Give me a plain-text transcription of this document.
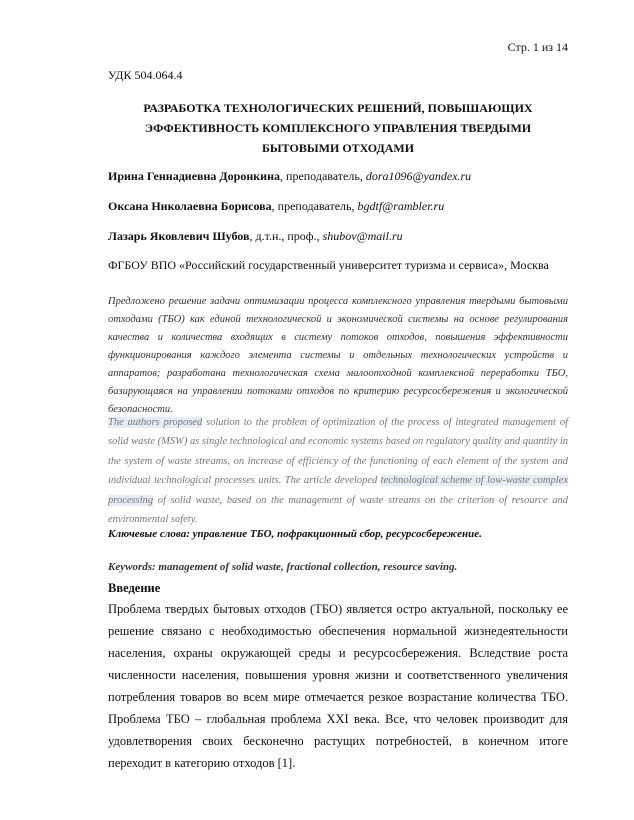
Стр. 1 из 14
УДК 504.064.4
РАЗРАБОТКА ТЕХНОЛОГИЧЕСКИХ РЕШЕНИЙ, ПОВЫШАЮЩИХ ЭФФЕКТИВНОСТЬ КОМПЛЕКСНОГО УПРАВЛЕНИЯ ТВЕРДЫМИ БЫТОВЫМИ ОТХОДАМИ
Ирина Геннадиевна Доронкина, преподаватель, dora1096@yandex.ru
Оксана Николаевна Борисова, преподаватель, bgdtf@rambler.ru
Лазарь Яковлевич Шубов, д.т.н., проф., shubov@mail.ru
ФГБОУ ВПО «Российский государственный университет туризма и сервиса», Москва
Предложено решение задачи оптимизации процесса комплексного управления твердыми бытовыми отходами (ТБО) как единой технологической и экономической системы на основе регулирования качества и количества входящих в систему потоков отходов, повышения эффективности функционирования каждого элемента системы и отдельных технологических устройств и аппаратов; разработана технологическая схема малоотходной комплексной переработки ТБО, базирующаяся на управлении потоками отходов по критерию ресурсосбережения и экологической безопасности.
The authors proposed solution to the problem of optimization of the process of integrated management of solid waste (MSW) as single technological and economic systems based on regulatory quality and quantity in the system of waste streams, on increase of efficiency of the functioning of each element of the system and individual technological processes units. The article developed technological scheme of low-waste complex processing of solid waste, based on the management of waste streams on the criterion of resource and environmental safety.
Ключевые слова: управление ТБО, пофракционный сбор, ресурсосбережение.
Keywords: management of solid waste, fractional collection, resource saving.
Введение
Проблема твердых бытовых отходов (ТБО) является остро актуальной, поскольку ее решение связано с необходимостью обеспечения нормальной жизнедеятельности населения, охраны окружающей среды и ресурсосбережения. Вследствие роста численности населения, повышения уровня жизни и соответственного увеличения потребления товаров во всем мире отмечается резкое возрастание количества ТБО. Проблема ТБО – глобальная проблема XXI века. Все, что человек производит для удовлетворения своих бесконечно растущих потребностей, в конечном итоге переходит в категорию отходов [1].
